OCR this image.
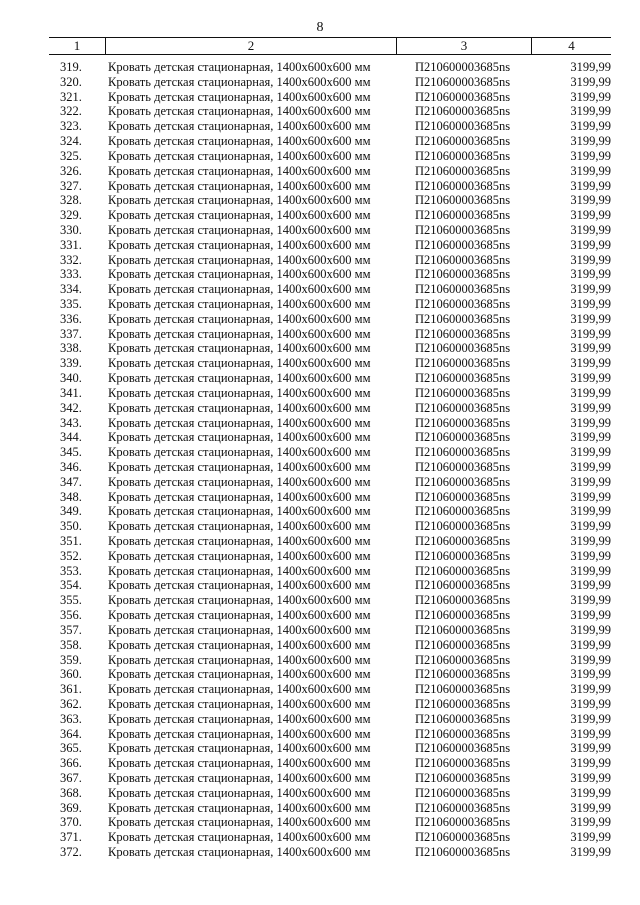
8
1	2	3	4
319.	Кровать детская стационарная, 1400x600x600 мм	П210600003685ns	3199,99
320.	Кровать детская стационарная, 1400x600x600 мм	П210600003685ns	3199,99
321.	Кровать детская стационарная, 1400x600x600 мм	П210600003685ns	3199,99
322.	Кровать детская стационарная, 1400x600x600 мм	П210600003685ns	3199,99
323.	Кровать детская стационарная, 1400x600x600 мм	П210600003685ns	3199,99
324.	Кровать детская стационарная, 1400x600x600 мм	П210600003685ns	3199,99
325.	Кровать детская стационарная, 1400x600x600 мм	П210600003685ns	3199,99
326.	Кровать детская стационарная, 1400x600x600 мм	П210600003685ns	3199,99
327.	Кровать детская стационарная, 1400x600x600 мм	П210600003685ns	3199,99
328.	Кровать детская стационарная, 1400x600x600 мм	П210600003685ns	3199,99
329.	Кровать детская стационарная, 1400x600x600 мм	П210600003685ns	3199,99
330.	Кровать детская стационарная, 1400x600x600 мм	П210600003685ns	3199,99
331.	Кровать детская стационарная, 1400x600x600 мм	П210600003685ns	3199,99
332.	Кровать детская стационарная, 1400x600x600 мм	П210600003685ns	3199,99
333.	Кровать детская стационарная, 1400x600x600 мм	П210600003685ns	3199,99
334.	Кровать детская стационарная, 1400x600x600 мм	П210600003685ns	3199,99
335.	Кровать детская стационарная, 1400x600x600 мм	П210600003685ns	3199,99
336.	Кровать детская стационарная, 1400x600x600 мм	П210600003685ns	3199,99
337.	Кровать детская стационарная, 1400x600x600 мм	П210600003685ns	3199,99
338.	Кровать детская стационарная, 1400x600x600 мм	П210600003685ns	3199,99
339.	Кровать детская стационарная, 1400x600x600 мм	П210600003685ns	3199,99
340.	Кровать детская стационарная, 1400x600x600 мм	П210600003685ns	3199,99
341.	Кровать детская стационарная, 1400x600x600 мм	П210600003685ns	3199,99
342.	Кровать детская стационарная, 1400x600x600 мм	П210600003685ns	3199,99
343.	Кровать детская стационарная, 1400x600x600 мм	П210600003685ns	3199,99
344.	Кровать детская стационарная, 1400x600x600 мм	П210600003685ns	3199,99
345.	Кровать детская стационарная, 1400x600x600 мм	П210600003685ns	3199,99
346.	Кровать детская стационарная, 1400x600x600 мм	П210600003685ns	3199,99
347.	Кровать детская стационарная, 1400x600x600 мм	П210600003685ns	3199,99
348.	Кровать детская стационарная, 1400x600x600 мм	П210600003685ns	3199,99
349.	Кровать детская стационарная, 1400x600x600 мм	П210600003685ns	3199,99
350.	Кровать детская стационарная, 1400x600x600 мм	П210600003685ns	3199,99
351.	Кровать детская стационарная, 1400x600x600 мм	П210600003685ns	3199,99
352.	Кровать детская стационарная, 1400x600x600 мм	П210600003685ns	3199,99
353.	Кровать детская стационарная, 1400x600x600 мм	П210600003685ns	3199,99
354.	Кровать детская стационарная, 1400x600x600 мм	П210600003685ns	3199,99
355.	Кровать детская стационарная, 1400x600x600 мм	П210600003685ns	3199,99
356.	Кровать детская стационарная, 1400x600x600 мм	П210600003685ns	3199,99
357.	Кровать детская стационарная, 1400x600x600 мм	П210600003685ns	3199,99
358.	Кровать детская стационарная, 1400x600x600 мм	П210600003685ns	3199,99
359.	Кровать детская стационарная, 1400x600x600 мм	П210600003685ns	3199,99
360.	Кровать детская стационарная, 1400x600x600 мм	П210600003685ns	3199,99
361.	Кровать детская стационарная, 1400x600x600 мм	П210600003685ns	3199,99
362.	Кровать детская стационарная, 1400x600x600 мм	П210600003685ns	3199,99
363.	Кровать детская стационарная, 1400x600x600 мм	П210600003685ns	3199,99
364.	Кровать детская стационарная, 1400x600x600 мм	П210600003685ns	3199,99
365.	Кровать детская стационарная, 1400x600x600 мм	П210600003685ns	3199,99
366.	Кровать детская стационарная, 1400x600x600 мм	П210600003685ns	3199,99
367.	Кровать детская стационарная, 1400x600x600 мм	П210600003685ns	3199,99
368.	Кровать детская стационарная, 1400x600x600 мм	П210600003685ns	3199,99
369.	Кровать детская стационарная, 1400x600x600 мм	П210600003685ns	3199,99
370.	Кровать детская стационарная, 1400x600x600 мм	П210600003685ns	3199,99
371.	Кровать детская стационарная, 1400x600x600 мм	П210600003685ns	3199,99
372.	Кровать детская стационарная, 1400x600x600 мм	П210600003685ns	3199,99
